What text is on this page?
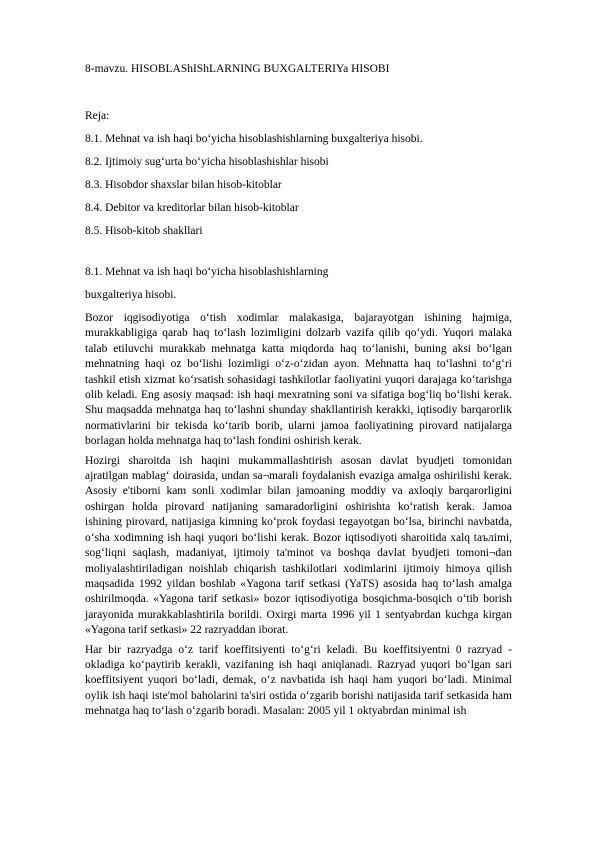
8-mavzu. HISOBLAShIShLARNING BUXGALTERIYa HISOBI

Reja:
8.1. Mehnat va ish haqi bo‘yicha hisoblashishlarning buxgalteriya hisobi.
8.2. Ijtimoiy sug‘urta bo‘yicha hisoblashishlar hisobi
8.3. Hisobdor shaxslar bilan hisob-kitoblar
8.4. Debitor va kreditorlar bilan hisob-kitoblar
8.5. Hisob-kitob shakllari
8.1. Mehnat va ish haqi bo‘yicha hisoblashishlarning
buxgalteriya hisobi.

Bozor iqgisodiyotiga o‘tish xodimlar malakasiga, bajarayotgan ishining hajmiga, murakkabligiga qarab haq to‘lash lozimligini dolzarb vazifa qilib qo‘ydi. Yuqori malaka talab etiluvchi murakkab mehnatga katta miqdorda haq to‘lanishi, buning aksi bo‘lgan mehnatning haqi oz bo‘lishi lozimligi o‘z-o‘zidan ayon. Mehnatta haq to‘lashni to‘g‘ri tashkil etish xizmat ko‘rsatish sohasidagi tashkilotlar faoliyatini yuqori darajaga ko‘tarishga olib keladi. Eng asosiy maqsad: ish haqi mexratning soni va sifatiga bog‘liq bo‘lishi kerak. Shu maqsadda mehnatga haq to‘lashni shunday shakllantirish kerakki, iqtisodiy barqarorlik normativlarini bir tekisda ko‘tarib borib, ularni jamoa faoliyatining pirovard natijalarga borlagan holda mehnatga haq to‘lash fondini oshirish kerak.

Hozirgi sharoitda ish haqini mukammallashtirish asosan davlat byudjeti tomonidan ajratilgan mablag‘ doirasida, undan sa¬marali foydalanish evaziga amalga oshirilishi kerak. Asosiy e'tiborni kam sonli xodimlar bilan jamoaning moddiy va axloqiy barqarorligini oshirgan holda pirovard natijaning samaradorligini oshirishta ko‘ratish kerak. Jamoa ishining pirovard, natijasiga kimning ko‘prok foydasi tegayotgan bo‘lsa, birinchi navbatda, o‘sha xodimning ish haqi yuqori bo‘lishi kerak. Bozor iqtisodiyoti sharoitida xalq taълimi, sog‘liqni saqlash, madaniyat, ijtimoiy ta'minot va boshqa davlat byudjeti tomoni¬dan moliyalashtiriladigan noishlab chiqarish tashkilotlari xodimlarini ijtimoiy himoya qilish maqsadida 1992 yildan boshlab «Yagona tarif setkasi (YaTS) asosida haq to‘lash amalga oshirilmoqda. «Yagona tarif setkasi» bozor iqtisodiyotiga bosqichma-bosqich o‘tib borish jarayonida murakkablashtirila borildi. Oxirgi marta 1996 yil 1 sentyabrdan kuchga kirgan «Yagona tarif setkasi» 22 razryaddan iborat.

Har bir razryadga o‘z tarif koeffitsiyenti to‘g‘ri keladi. Bu koeffitsiyentni 0 razryad - okladiga ko‘paytirib kerakli, vazifaning ish haqi aniqlanadi. Razryad yuqori bo‘lgan sari koeffitsiyent yuqori bo‘ladi, demak, o‘z navbatida ish haqi ham yuqori bo‘ladi. Minimal oylik ish haqi iste'mol baholarini ta'siri ostida o‘zgarib borishi natijasida tarif setkasida ham mehnatga haq to‘lash o‘zgarib boradi. Masalan: 2005 yil 1 oktyabrdan minimal ish
